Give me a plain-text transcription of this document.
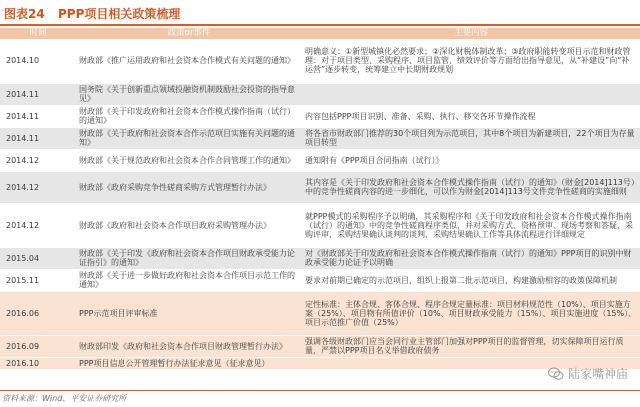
图表24 PPP项目相关政策梳理
时间	政策or事件	主要内容
2014.10	财政部《推广运用政府和社会资本合作模式有关问题的通知》	明确意义：①新型城镇化必然要求；②深化财税体制改革；③政府职能转变项目示范和财政管理：对于项目类型、采购程序、项目监管、绩效评价等方面给出指导意见，从“补建设”向“补运营”逐步转变，统筹建立中长期财政规划
2014.11	国务院《关于创新重点领域投融资机制鼓励社会投资的指导意见》	
2014.11	财政部《关于印发政府和社会资本合作模式操作指南（试行）的通知》	内容包括PPP项目识别、准备、采购、执行、移交各环节操作流程
2014.11	财政部《关于政府和社会资本合作示范项目实施有关问题的通知》	将各省市财政部门推荐的30个项目列为示范项目，其中8个项目为新建项目，22个项目为存量项目转型
2014.12	财政部《关于规范政府和社会资本合作合同管理工作的通知》	通知附有《PPP项目合同指南（试行）》
2014.12	财政部《政府采购竞争性磋商采购方式管理暂行办法》	其内容是《关于印发政府和社会资本合作模式操作指南（试行）的通知》（财金[2014]113号）中的竞争性磋商内容的进一步细化，可以作为财金[2014]113号文件竞争性磋商的实施细则
2014.12	财政部《政府和社会资本合作项目政府采购管理办法》	就PPP模式的采购程序予以明确，其采购程序和《关于印发政府和社会资本合作模式操作指南（试行）的通知》中的竞争性磋商程序类似，并对采购方式、资格预审、现场考察和答疑、采购评审、采购结果确认谈判的谈判、采购结果确认工作等具体流程进行详细规定
2015.04	财政部《关于印发《政府和社会资本合作项目财政承受能力论证指引》的通知》	对《财政部关于印发政府和社会资本合作模式操作指南（试行）的通知》PPP项目的识别中财政承受能力论证予以明确
2015.11	财政部《关于进一步做好政府和社会资本合作项目示范工作的通知》	要求对前期已确定的示范项目，组织上报第二批示范项目，构建激励相容的政策保障机制
2016.06	PPP示范项目评审标准	定性标准：主体合规、客体合规、程序合规定量标准：项目材料规范性（10%）、项目实施方案（25%）、项目物有所值评价（10%、项目财政承受能力（15%）、项目实施进度（15%）、项目示范推广价值（25%）
2016.09	财政部印发《政府和社会资本合作项目财政管理暂行办法》	强调各级财政部门应当会同行业主管部门加强对PPP项目的监督管理，切实保障项目运行质量，严禁以PPP项目名义举借政府债务
2016.10	PPP项目信息公开管理暂行办法征求意见（征求意见）	
陆家嘴神庙
资料来源：Wind、平安证券研究所
